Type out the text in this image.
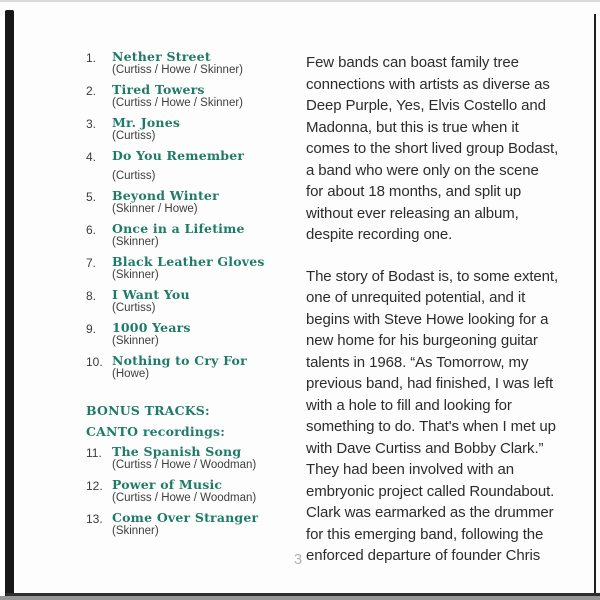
1.	Nether Street
(Curtiss / Howe / Skinner)
2.	Tired Towers
(Curtiss / Howe / Skinner)
3.	Mr. Jones
(Curtiss)
4.	Do You Remember
(Curtiss)
5.	Beyond Winter
(Skinner / Howe)
6.	Once in a Lifetime
(Skinner)
7.	Black Leather Gloves
(Skinner)
8.	I Want You
(Curtiss)
9.	1000 Years
(Skinner)
10. Nothing to Cry For
(Howe)
BONUS TRACKS:
CANTO recordings:
11. The Spanish Song
(Curtiss / Howe / Woodman)
12. Power of Music
(Curtiss / Howe / Woodman)
13. Come Over Stranger
(Skinner)
Few bands can boast family tree
connections with artists as diverse as
Deep Purple, Yes, Elvis Costello and
Madonna, but this is true when it
comes to the short lived group Bodast,
a band who were only on the scene
for about 18 months, and split up
without ever releasing an album,
despite recording one.
The story of Bodast is, to some extent,
one of unrequited potential, and it
begins with Steve Howe looking for a
new home for his burgeoning guitar
talents in 1968. “As Tomorrow, my
previous band, had finished, I was left
with a hole to fill and looking for
something to do. That's when I met up
with Dave Curtiss and Bobby Clark.”
They had been involved with an
embryonic project called Roundabout.
Clark was earmarked as the drummer
for this emerging band, following the
enforced departure of founder Chris
3
